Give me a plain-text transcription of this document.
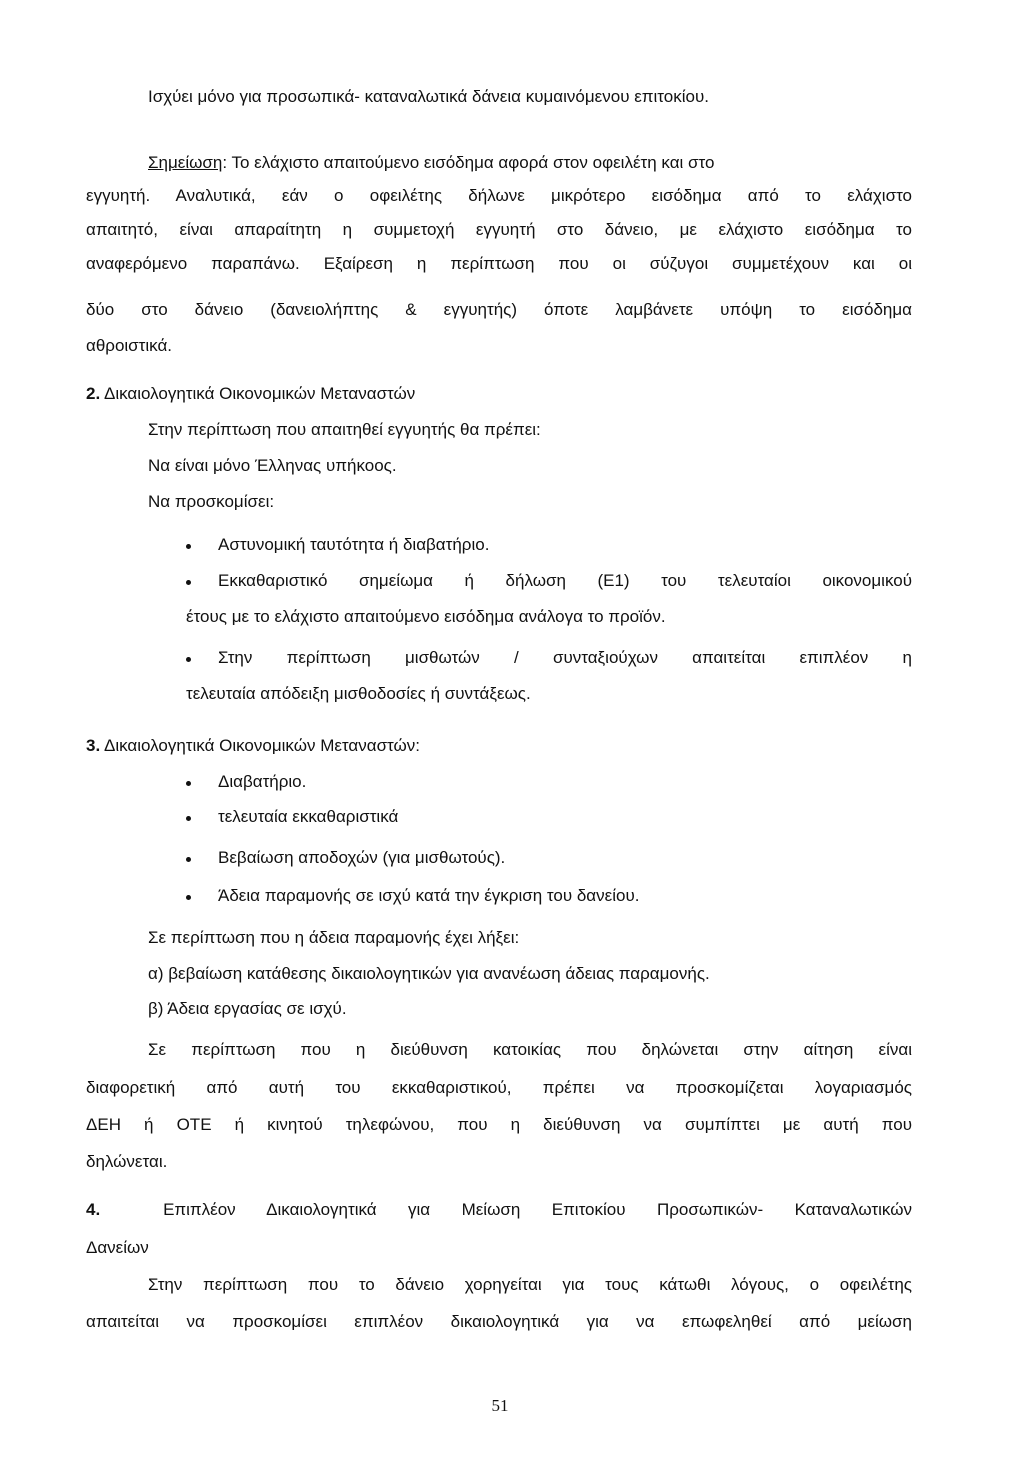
Ισχύει μόνο για προσωπικά- καταναλωτικά δάνεια κυμαινόμενου επιτοκίου.
Σημείωση: Το ελάχιστο απαιτούμενο εισόδημα αφορά στον οφειλέτη και στο
εγγυητή. Αναλυτικά, εάν ο οφειλέτης δήλωνε μικρότερο εισόδημα από το ελάχιστο
απαιτητό, είναι απαραίτητη η συμμετοχή εγγυητή στο δάνειο, με ελάχιστο εισόδημα το
αναφερόμενο παραπάνω. Εξαίρεση η περίπτωση που οι σύζυγοι συμμετέχουν και οι
δύο στο δάνειο (δανειολήπτης & εγγυητής) όποτε λαμβάνετε υπόψη το εισόδημα
αθροιστικά.
2. Δικαιολογητικά Οικονομικών Μεταναστών
Στην περίπτωση που απαιτηθεί εγγυητής θα πρέπει:
Να είναι μόνο Έλληνας υπήκοος.
Να προσκομίσει:
Αστυνομική ταυτότητα ή διαβατήριο.
Εκκαθαριστικό σημείωμα ή δήλωση (Ε1) του τελευταίοι οικονομικού
έτους με το ελάχιστο απαιτούμενο εισόδημα ανάλογα το προϊόν.
Στην περίπτωση μισθωτών / συνταξιούχων απαιτείται επιπλέον η
τελευταία απόδειξη μισθοδοσίες ή συντάξεως.
3. Δικαιολογητικά Οικονομικών Μεταναστών:
Διαβατήριο.
τελευταία εκκαθαριστικά
Βεβαίωση αποδοχών (για μισθωτούς).
Άδεια παραμονής σε ισχύ κατά την έγκριση του δανείου.
Σε περίπτωση που η άδεια παραμονής έχει λήξει:
α) βεβαίωση κατάθεσης δικαιολογητικών για ανανέωση άδειας παραμονής.
β) Άδεια εργασίας σε ισχύ.
Σε περίπτωση που η διεύθυνση κατοικίας που δηλώνεται στην αίτηση είναι
διαφορετική από αυτή του εκκαθαριστικού, πρέπει να προσκομίζεται λογαριασμός
ΔΕΗ ή ΟΤΕ ή κινητού τηλεφώνου, που η διεύθυνση να συμπίπτει με αυτή που
δηλώνεται.
4.	Επιπλέον Δικαιολογητικά για Μείωση Επιτοκίου Προσωπικών- Καταναλωτικών
Δανείων
Στην περίπτωση που το δάνειο χορηγείται για τους κάτωθι λόγους, ο οφειλέτης
απαιτείται να προσκομίσει επιπλέον δικαιολογητικά για να επωφεληθεί από μείωση
51
